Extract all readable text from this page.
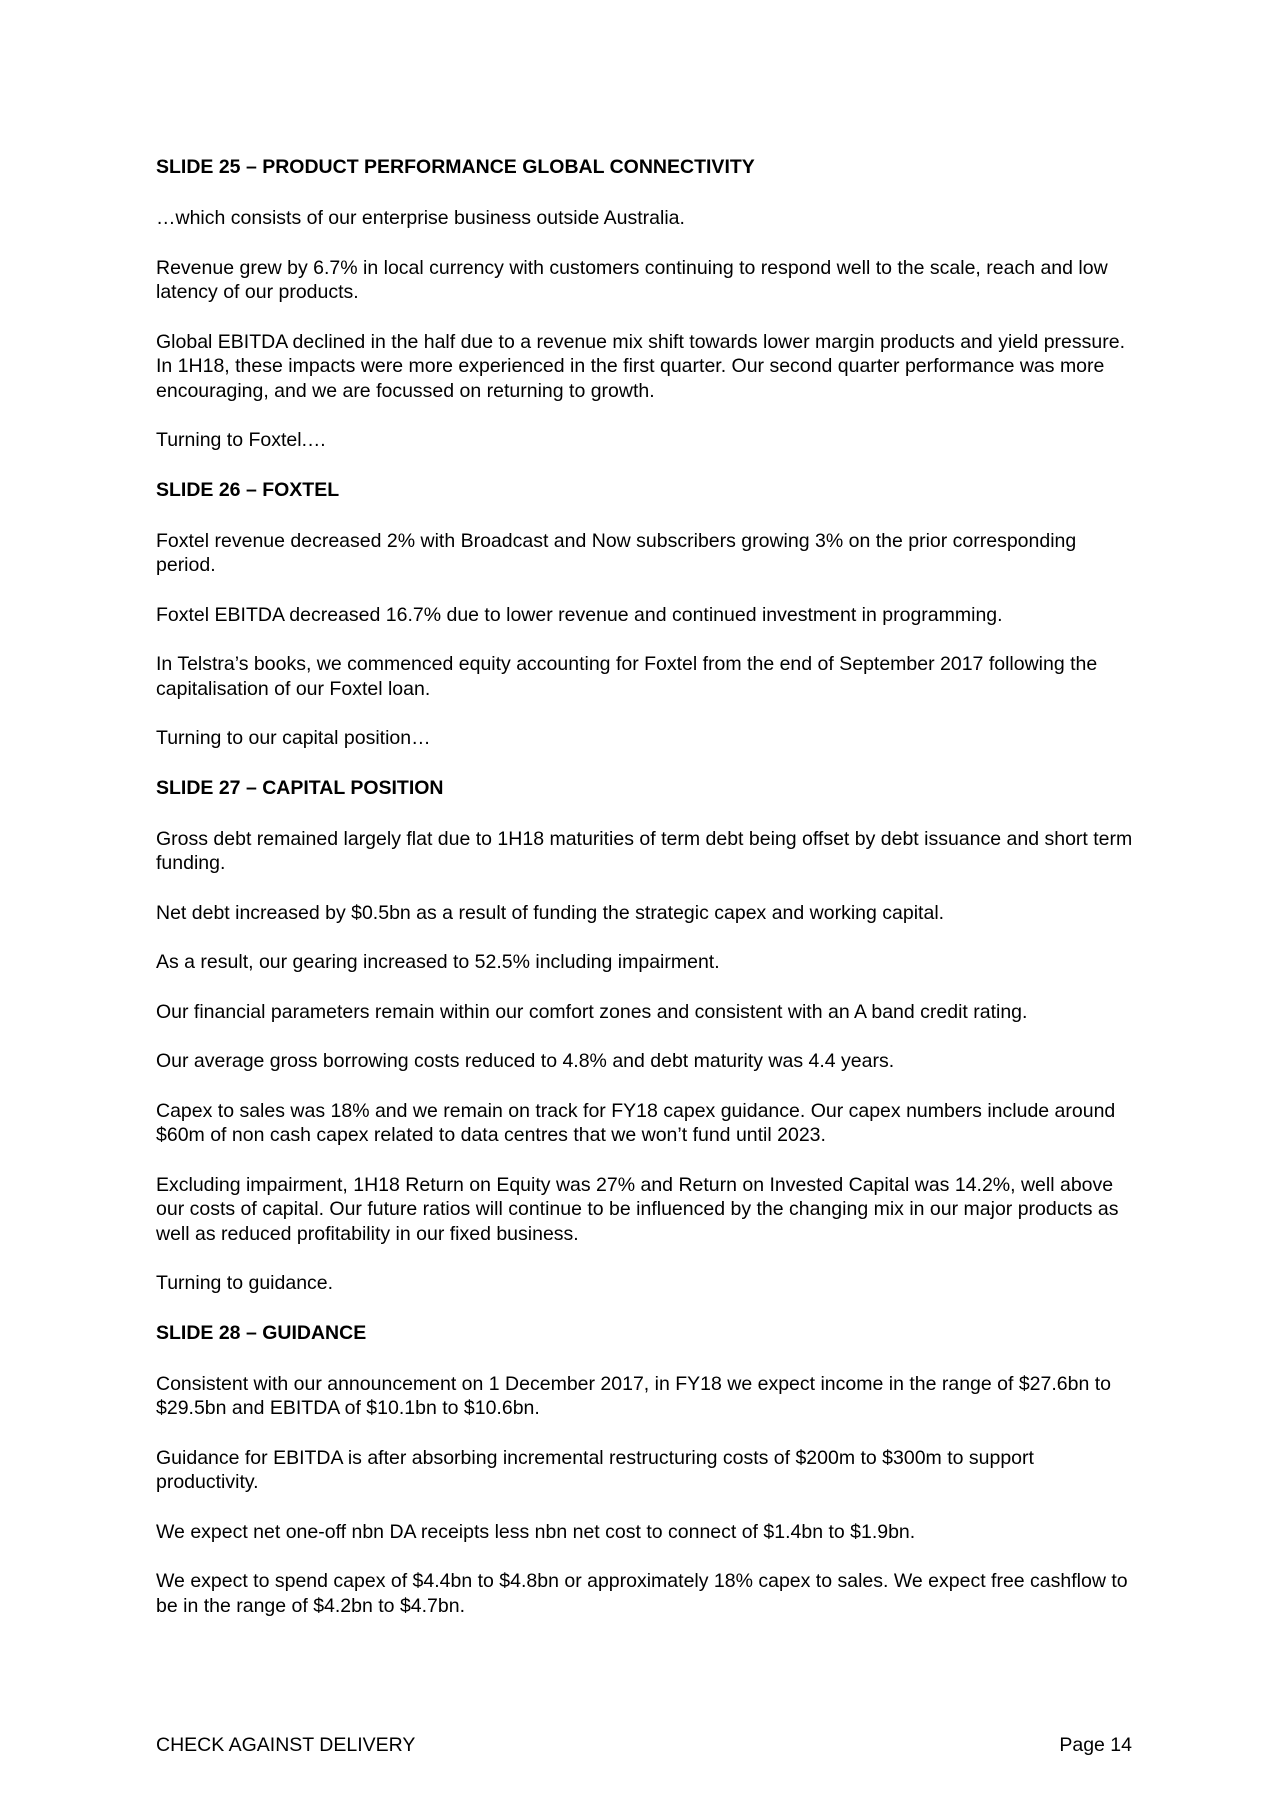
SLIDE 25 – PRODUCT PERFORMANCE GLOBAL CONNECTIVITY

…which consists of our enterprise business outside Australia.

Revenue grew by 6.7% in local currency with customers continuing to respond well to the scale, reach and low latency of our products.

Global EBITDA declined in the half due to a revenue mix shift towards lower margin products and yield pressure. In 1H18, these impacts were more experienced in the first quarter. Our second quarter performance was more encouraging, and we are focussed on returning to growth.

Turning to Foxtel.…

SLIDE 26 – FOXTEL

Foxtel revenue decreased 2% with Broadcast and Now subscribers growing 3% on the prior corresponding period.

Foxtel EBITDA decreased 16.7% due to lower revenue and continued investment in programming.

In Telstra’s books, we commenced equity accounting for Foxtel from the end of September 2017 following the capitalisation of our Foxtel loan.

Turning to our capital position…

SLIDE 27 – CAPITAL POSITION

Gross debt remained largely flat due to 1H18 maturities of term debt being offset by debt issuance and short term funding.

Net debt increased by $0.5bn as a result of funding the strategic capex and working capital.

As a result, our gearing increased to 52.5% including impairment.

Our financial parameters remain within our comfort zones and consistent with an A band credit rating.

Our average gross borrowing costs reduced to 4.8% and debt maturity was 4.4 years.

Capex to sales was 18% and we remain on track for FY18 capex guidance. Our capex numbers include around $60m of non cash capex related to data centres that we won’t fund until 2023.

Excluding impairment, 1H18 Return on Equity was 27% and Return on Invested Capital was 14.2%, well above our costs of capital. Our future ratios will continue to be influenced by the changing mix in our major products as well as reduced profitability in our fixed business.

Turning to guidance.

SLIDE 28 – GUIDANCE

Consistent with our announcement on 1 December 2017, in FY18 we expect income in the range of $27.6bn to $29.5bn and EBITDA of $10.1bn to $10.6bn.

Guidance for EBITDA is after absorbing incremental restructuring costs of $200m to $300m to support productivity.

We expect net one-off nbn DA receipts less nbn net cost to connect of $1.4bn to $1.9bn.

We expect to spend capex of $4.4bn to $4.8bn or approximately 18% capex to sales. We expect free cashflow to be in the range of $4.2bn to $4.7bn.

CHECK AGAINST DELIVERY	Page 14
